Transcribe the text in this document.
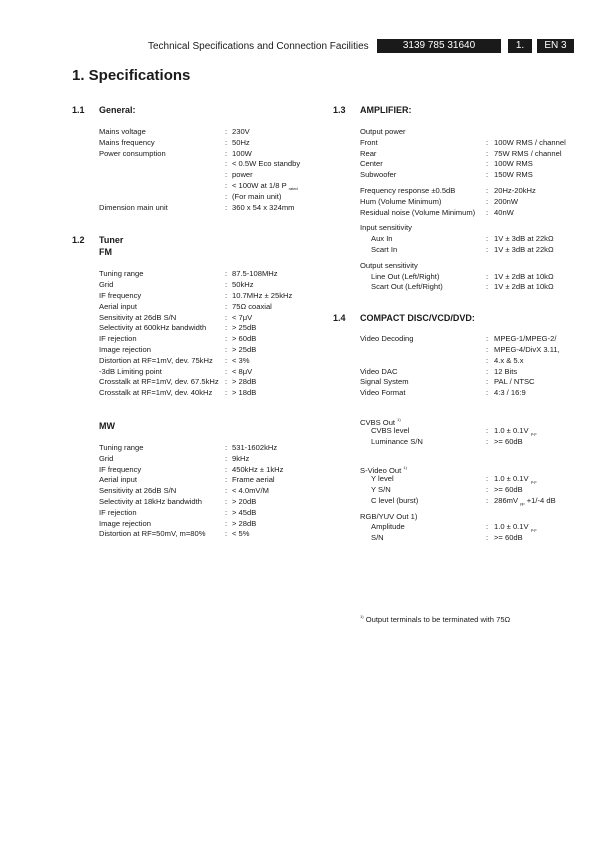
Technical Specifications and Connection Facilities	3139 785 31640	1.	EN 3
1. Specifications
1.1 General:
Mains voltage	: 230V
Mains frequency	: 50Hz
Power consumption	: 100W
: < 0.5W Eco standby
: power
: < 100W at 1/8 P $_{rated}$
: (For main unit)
Dimension main unit	: 360 x 54 x 324mm
1.2 Tuner
FM
Tuning range	: 87.5-108MHz
Grid	: 50kHz
IF frequency	: 10.7MHz ± 25kHz
Aerial input	: 75Ω coaxial
Sensitivity at 26dB S/N	: < 7μV
Selectivity at 600kHz bandwidth : > 25dB
IF rejection	: > 60dB
Image rejection	: > 25dB
Distortion at RF=1mV, dev. 75kHz : < 3%
-3dB Limiting point	: < 8μV
Crosstalk at RF=1mV, dev. 67.5kHz : > 28dB
Crosstalk at RF=1mV, dev. 40kHz : > 18dB
MW
Tuning range	: 531-1602kHz
Grid	: 9kHz
IF frequency	: 450kHz ± 1kHz
Aerial input	: Frame aerial
Sensitivity at 26dB S/N	: < 4.0mV/M
Selectivity at 18kHz bandwidth	: > 20dB
IF rejection	: > 45dB
Image rejection	: > 28dB
Distortion at RF=50mV, m=80%	: < 5%
1.3 AMPLIFIER:
Output power
Front	: 100W RMS / channel
Rear	: 75W RMS / channel
Center	: 100W RMS
Subwoofer	: 150W RMS
Frequency response ±0.5dB	: 20Hz-20kHz
Hum (Volume Minimum)	: 200nW
Residual noise (Volume Minimum) : 40nW
Input sensitivity
Aux In	: 1V ± 3dB at 22kΩ
Scart In	: 1V ± 3dB at 22kΩ
Output sensitivity
Line Out (Left/Right)	: 1V ± 2dB at 10kΩ
Scart Out (Left/Right)	: 1V ± 2dB at 10kΩ
1.4 COMPACT DISC/VCD/DVD:
Video Decoding	: MPEG-1/MPEG-2/
: MPEG-4/DivX 3.11,
: 4.x & 5.x
Video DAC	: 12 Bits
Signal System	: PAL / NTSC
Video Format	: 4:3 / 16:9
CVBS Out $^{1)}$
CVBS level	: 1.0 ± 0.1V $_{p-p}$
Luminance S/N	: >= 60dB
S-Video Out $^{1)}$
Y level	: 1.0 ± 0.1V $_{p-p}$
Y S/N	: >= 60dB
C level (burst)	: 286mV $_{pp}$ +1/-4 dB
RGB/YUV Out 1)
Amplitude	: 1.0 ± 0.1V $_{p-p}$
S/N	: >= 60dB
$^{1)}$ Output terminals to be terminated with 75Ω
